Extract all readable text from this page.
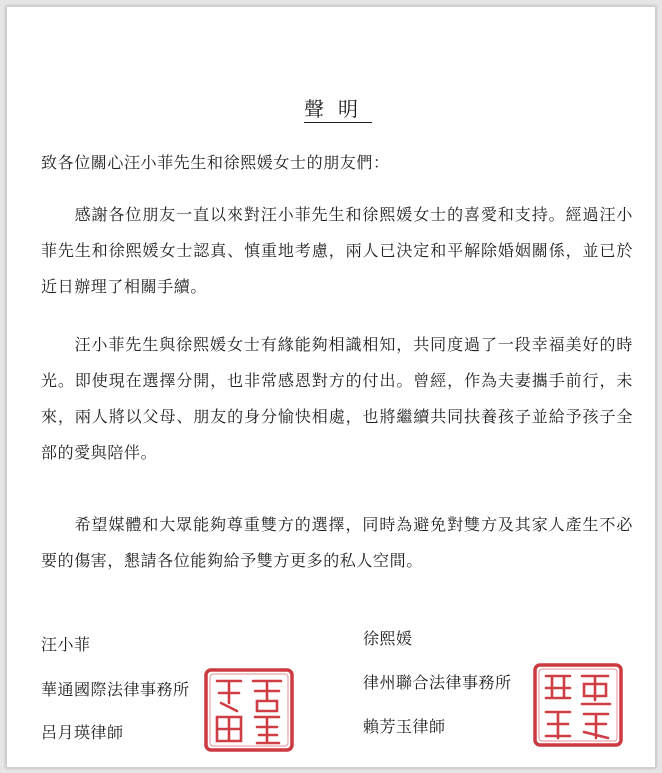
聲明
致各位關心汪小菲先生和徐熙媛女士的朋友們：

感謝各位朋友一直以來對汪小菲先生和徐熙媛女士的喜愛和支持。經過汪小菲先生和徐熙媛女士認真、慎重地考慮，兩人已決定和平解除婚姻關係，並已於近日辦理了相關手續。

汪小菲先生與徐熙媛女士有緣能夠相識相知，共同度過了一段幸福美好的時光。即使現在選擇分開，也非常感恩對方的付出。曾經，作為夫妻攜手前行，未來，兩人將以父母、朋友的身分愉快相處，也將繼續共同扶養孩子並給予孩子全部的愛與陪伴。

希望媒體和大眾能夠尊重雙方的選擇，同時為避免對雙方及其家人產生不必要的傷害，懇請各位能夠給予雙方更多的私人空間。

汪小菲
華通國際法律事務所
呂月瑛律師
徐熙媛
律州聯合法律事務所
賴芳玉律師
